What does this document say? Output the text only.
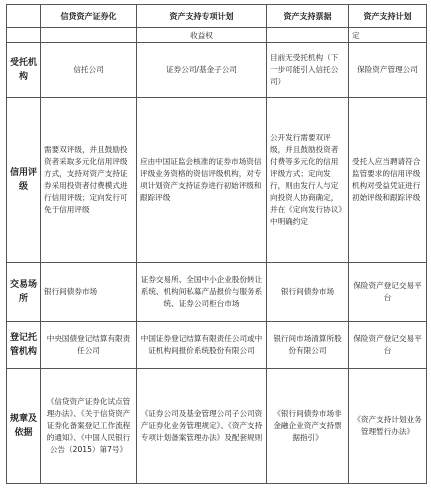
	信贷资产证券化	资产支持专项计划	资产支持票据	资产支持计划
		收益权		定
受托机构	信托公司	证券公司/基金子公司	目前无受托机构（下一步可能引入信托公司）	保险资产管理公司
信用评级	需要双评级，并且鼓励投资者采取多元化信用评级方式，支持对资产支持证券采用投资者付费模式进行信用评级；定向发行可免于信用评级	应由中国证监会核准的证券市场资信评级业务资格的资信评级机构，对专项计划资产支持证券进行初始评级和跟踪评级	公开发行需要双评级，并且鼓励投资者付费等多元化的信用评级方式；定向发行，则由发行人与定向投资人协商确定，并在《定向发行协议》中明确约定	受托人应当聘请符合监管要求的信用评级机构对受益凭证进行初始评级和跟踪评级
交易场所	银行间债券市场	证券交易所、全国中小企业股份转让系统、机构间私募产品报价与服务系统、证券公司柜台市场	银行间债券市场	保险资产登记交易平台
登记托管机构	中央国债登记结算有限责任公司	中国证券登记结算有限责任公司或中证机构间报价系统股份有限公司	银行间市场清算所股份有限公司	保险资产登记交易平台
规章及依据	《信贷资产证券化试点管理办法》、《关于信贷资产证券化备案登记工作流程的通知》、《中国人民银行公告（2015）第7号》	《证券公司及基金管理公司子公司资产证券化业务管理规定》、《资产支持专项计划备案管理办法》及配套规则	《银行间债券市场非金融企业资产支持票据指引》	《资产支持计划业务管理暂行办法》
